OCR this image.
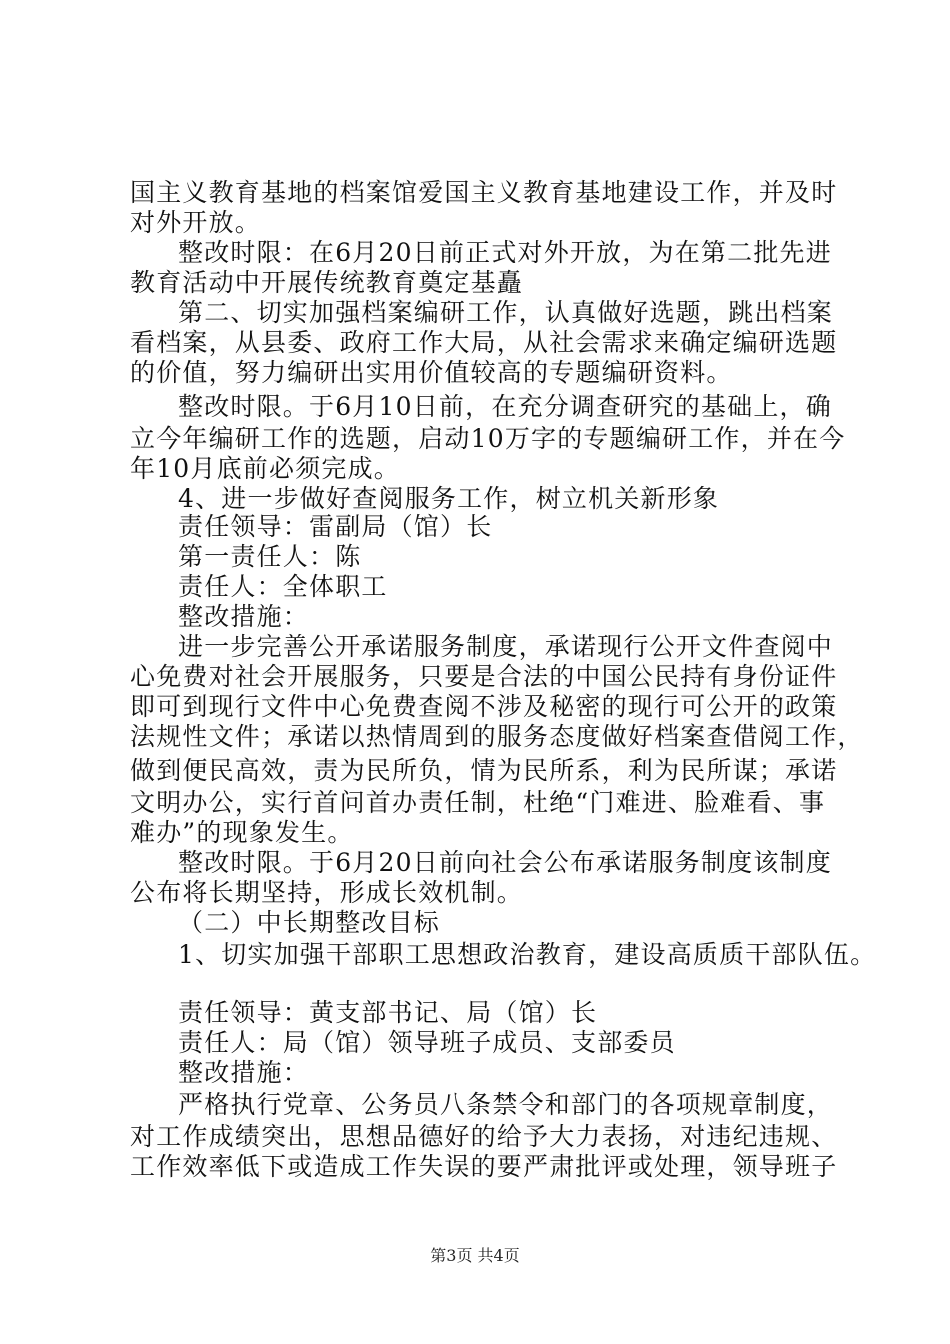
国主义教育基地的档案馆爱国主义教育基地建设工作，并及时
对外开放。
整改时限：在6月20日前正式对外开放，为在第二批先进
教育活动中开展传统教育奠定基矗
第二、切实加强档案编研工作，认真做好选题，跳出档案
看档案，从县委、政府工作大局，从社会需求来确定编研选题
的价值，努力编研出实用价值较高的专题编研资料。
整改时限。于6月10日前，在充分调查研究的基础上，确
立今年编研工作的选题，启动10万字的专题编研工作，并在今
年10月底前必须完成。
4、进一步做好查阅服务工作，树立机关新形象
责任领导：雷副局（馆）长
第一责任人：陈
责任人：全体职工
整改措施：
进一步完善公开承诺服务制度，承诺现行公开文件查阅中
心免费对社会开展服务，只要是合法的中国公民持有身份证件
即可到现行文件中心免费查阅不涉及秘密的现行可公开的政策
法规性文件；承诺以热情周到的服务态度做好档案查借阅工作，
做到便民高效，责为民所负，情为民所系，利为民所谋；承诺
文明办公，实行首问首办责任制，杜绝“门难进、脸难看、事
难办”的现象发生。
整改时限。于6月20日前向社会公布承诺服务制度该制度
公布将长期坚持，形成长效机制。
（二）中长期整改目标
1、切实加强干部职工思想政治教育，建设高质质干部队伍。
责任领导：黄支部书记、局（馆）长
责任人：局（馆）领导班子成员、支部委员
整改措施：
严格执行党章、公务员八条禁令和部门的各项规章制度，
对工作成绩突出，思想品德好的给予大力表扬，对违纪违规、
工作效率低下或造成工作失误的要严肃批评或处理，领导班子
第3页 共4页
